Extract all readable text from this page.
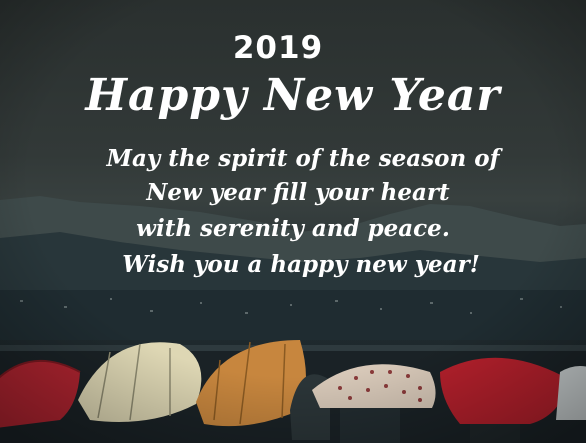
2019
Happy New Year
May the spirit of the season of
New year fill your heart
with serenity and peace.
Wish you a happy new year!
